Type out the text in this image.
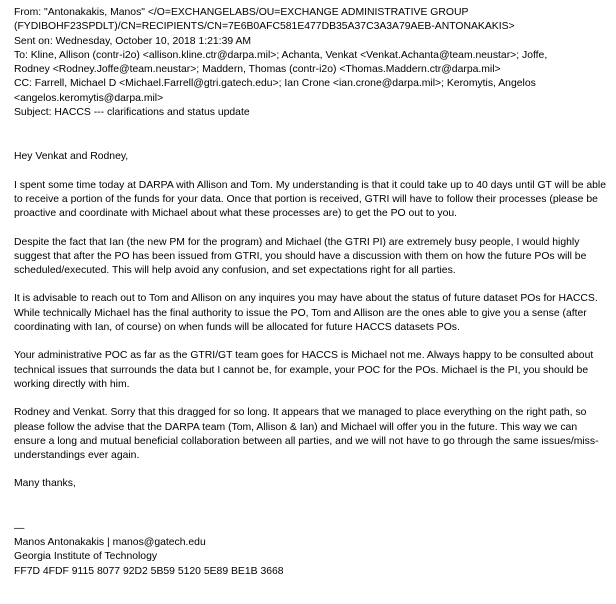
From: "Antonakakis, Manos" </O=EXCHANGELABS/OU=EXCHANGE ADMINISTRATIVE GROUP
(FYDIBOHF23SPDLT)/CN=RECIPIENTS/CN=7E6B0AFC581E477DB35A37C3A3A79AEB-ANTONAKAKIS>
Sent on: Wednesday, October 10, 2018 1:21:39 AM
To: Kline, Allison (contr-i2o) <allison.kline.ctr@darpa.mil>; Achanta, Venkat <Venkat.Achanta@team.neustar>; Joffe,
Rodney <Rodney.Joffe@team.neustar>; Maddern, Thomas (contr-i2o) <Thomas.Maddern.ctr@darpa.mil>
CC: Farrell, Michael D <Michael.Farrell@gtri.gatech.edu>; Ian Crone <ian.crone@darpa.mil>; Keromytis, Angelos
<angelos.keromytis@darpa.mil>
Subject: HACCS --- clarifications and status update

Hey Venkat and Rodney,

I spent some time today at DARPA with Allison and Tom. My understanding is that it could take up to 40 days until GT will be able to receive a portion of the funds for your data. Once that portion is received, GTRI will have to follow their processes (please be proactive and coordinate with Michael about what these processes are) to get the PO out to you.

Despite the fact that Ian (the new PM for the program) and Michael (the GTRI PI) are extremely busy people, I would highly suggest that after the PO has been issued from GTRI, you should have a discussion with them on how the future POs will be scheduled/executed. This will help avoid any confusion, and set expectations right for all parties.

It is advisable to reach out to Tom and Allison on any inquires you may have about the status of future dataset POs for HACCS. While technically Michael has the final authority to issue the PO, Tom and Allison are the ones able to give you a sense (after coordinating with Ian, of course) on when funds will be allocated for future HACCS datasets POs.

Your administrative POC as far as the GTRI/GT team goes for HACCS is Michael not me. Always happy to be consulted about technical issues that surrounds the data but I cannot be, for example, your POC for the POs. Michael is the PI, you should be working directly with him.

Rodney and Venkat. Sorry that this dragged for so long. It appears that we managed to place everything on the right path, so please follow the advise that the DARPA team (Tom, Allison & Ian) and Michael will offer you in the future. This way we can ensure a long and mutual beneficial collaboration between all parties, and we will not have to go through the same issues/miss-understandings ever again.

Many thanks,

—
Manos Antonakakis | manos@gatech.edu
Georgia Institute of Technology
FF7D 4FDF 9115 8077 92D2 5B59 5120 5E89 BE1B 3668
